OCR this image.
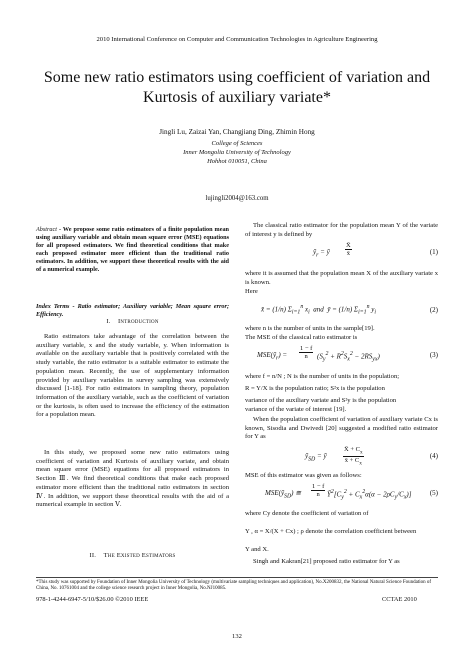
2010 International Conference on Computer and Communication Technologies in Agriculture Engineering
Some new ratio estimators using coefficient of variation and Kurtosis of auxiliary variate*
Jingli Lu, Zaizai Yan, Changjiang Ding, Zhimin Hong
College of Sciences
Inner Mongolia University of Technology
Hohhot 010051, China
lujingli2004@163.com
Abstract - We propose some ratio estimators of a finite population mean using auxiliary variable and obtain mean square error (MSE) equations for all proposed estimators. We find theoretical conditions that make each proposed estimator more efficient than the traditional ratio estimators. In addition, we support these theoretical results with the aid of a numerical example.
Index Terms - Ratio estimator; Auxiliary variable; Mean square error; Efficiency.
I. Introduction
Ratio estimators take advantage of the correlation between the auxiliary variable, x and the study variable, y. When information is available on the auxiliary variable that is positively correlated with the study variable, the ratio estimator is a suitable estimator to estimate the population mean. Recently, the use of supplementary information provided by auxiliary variables in survey sampling was extensively discussed [1-18]. For ratio estimators in sampling theory, population information of the auxiliary variable, such as the coefficient of variation or the kurtosis, is often used to increase the efficiency of the estimation for a population mean.
In this study, we proposed some new ratio estimators using coefficient of variation and Kurtosis of auxiliary variate, and obtain mean square error (MSE) equations for all proposed estimators in Section Ⅲ. We find theoretical conditions that make each proposed estimator more efficient than the traditional ratio estimators in section Ⅳ. In addition, we support these theoretical results with the aid of a numerical example in section Ⅴ.
II. The Existed Estimators
The classical ratio estimator for the population mean Y of the variate of interest y is defined by
$ȳ_r$ = ȳ
X̄
x̄	(1)
where it is assumed that the population mean X of the auxiliary variate x is known.
Here
x̄ = (1/n) $\Sigma_{i=1}^n$ $x_i$  and  ȳ = (1/n) $\Sigma_{i=1}^n$ $y_i$	(2)
where n is the number of units in the sample[19].
The MSE of the classical ratio estimator is
$MSE(ȳ_r)$ =
1 − f
n	$(S_y^2 + R^2S_x^2 - 2RS_{yx})$	(3)
where f = n/N ; N is the number of units in the population;
R = Y/X is the population ratio; S²x is the population
variance of the auxiliary variate and S²y is the population
variance of the variate of interest [19].
When the population coefficient of variation of auxiliary variate Cx is known, Sisodia and Dwivedi [20] suggested a modified ratio estimator for Y as
$ȳ_{SD}$ = ȳ
X̄ + $C_x$
x̄ + $C_x$
(4)
MSE of this estimator was given as follows:
$MSE(ȳ_{SD})$ ≅
1 − f
n	$Ȳ^2[C_y^2 + C_x^2\alpha(\alpha - 2\rho C_y/C_x)]$	(5)
where Cy denote the coefficient of variation of
Y , α = X/(X + Cx) ; ρ denote the correlation coefficient between
Y and X.
Singh and Kakran[21] proposed ratio estimator for Y as
*This study was supported by Foundation of Inner Mongolia University of Technology (multivariate sampling techniques and application), No.X200832, the National Natural Science Foundation of China, No. 10761004 and the college science research project in Inner Mongolia, No.NJ10085.
978-1-4244-6947-5/10/$26.00 ©2010 IEEE	CCTAE 2010
132
